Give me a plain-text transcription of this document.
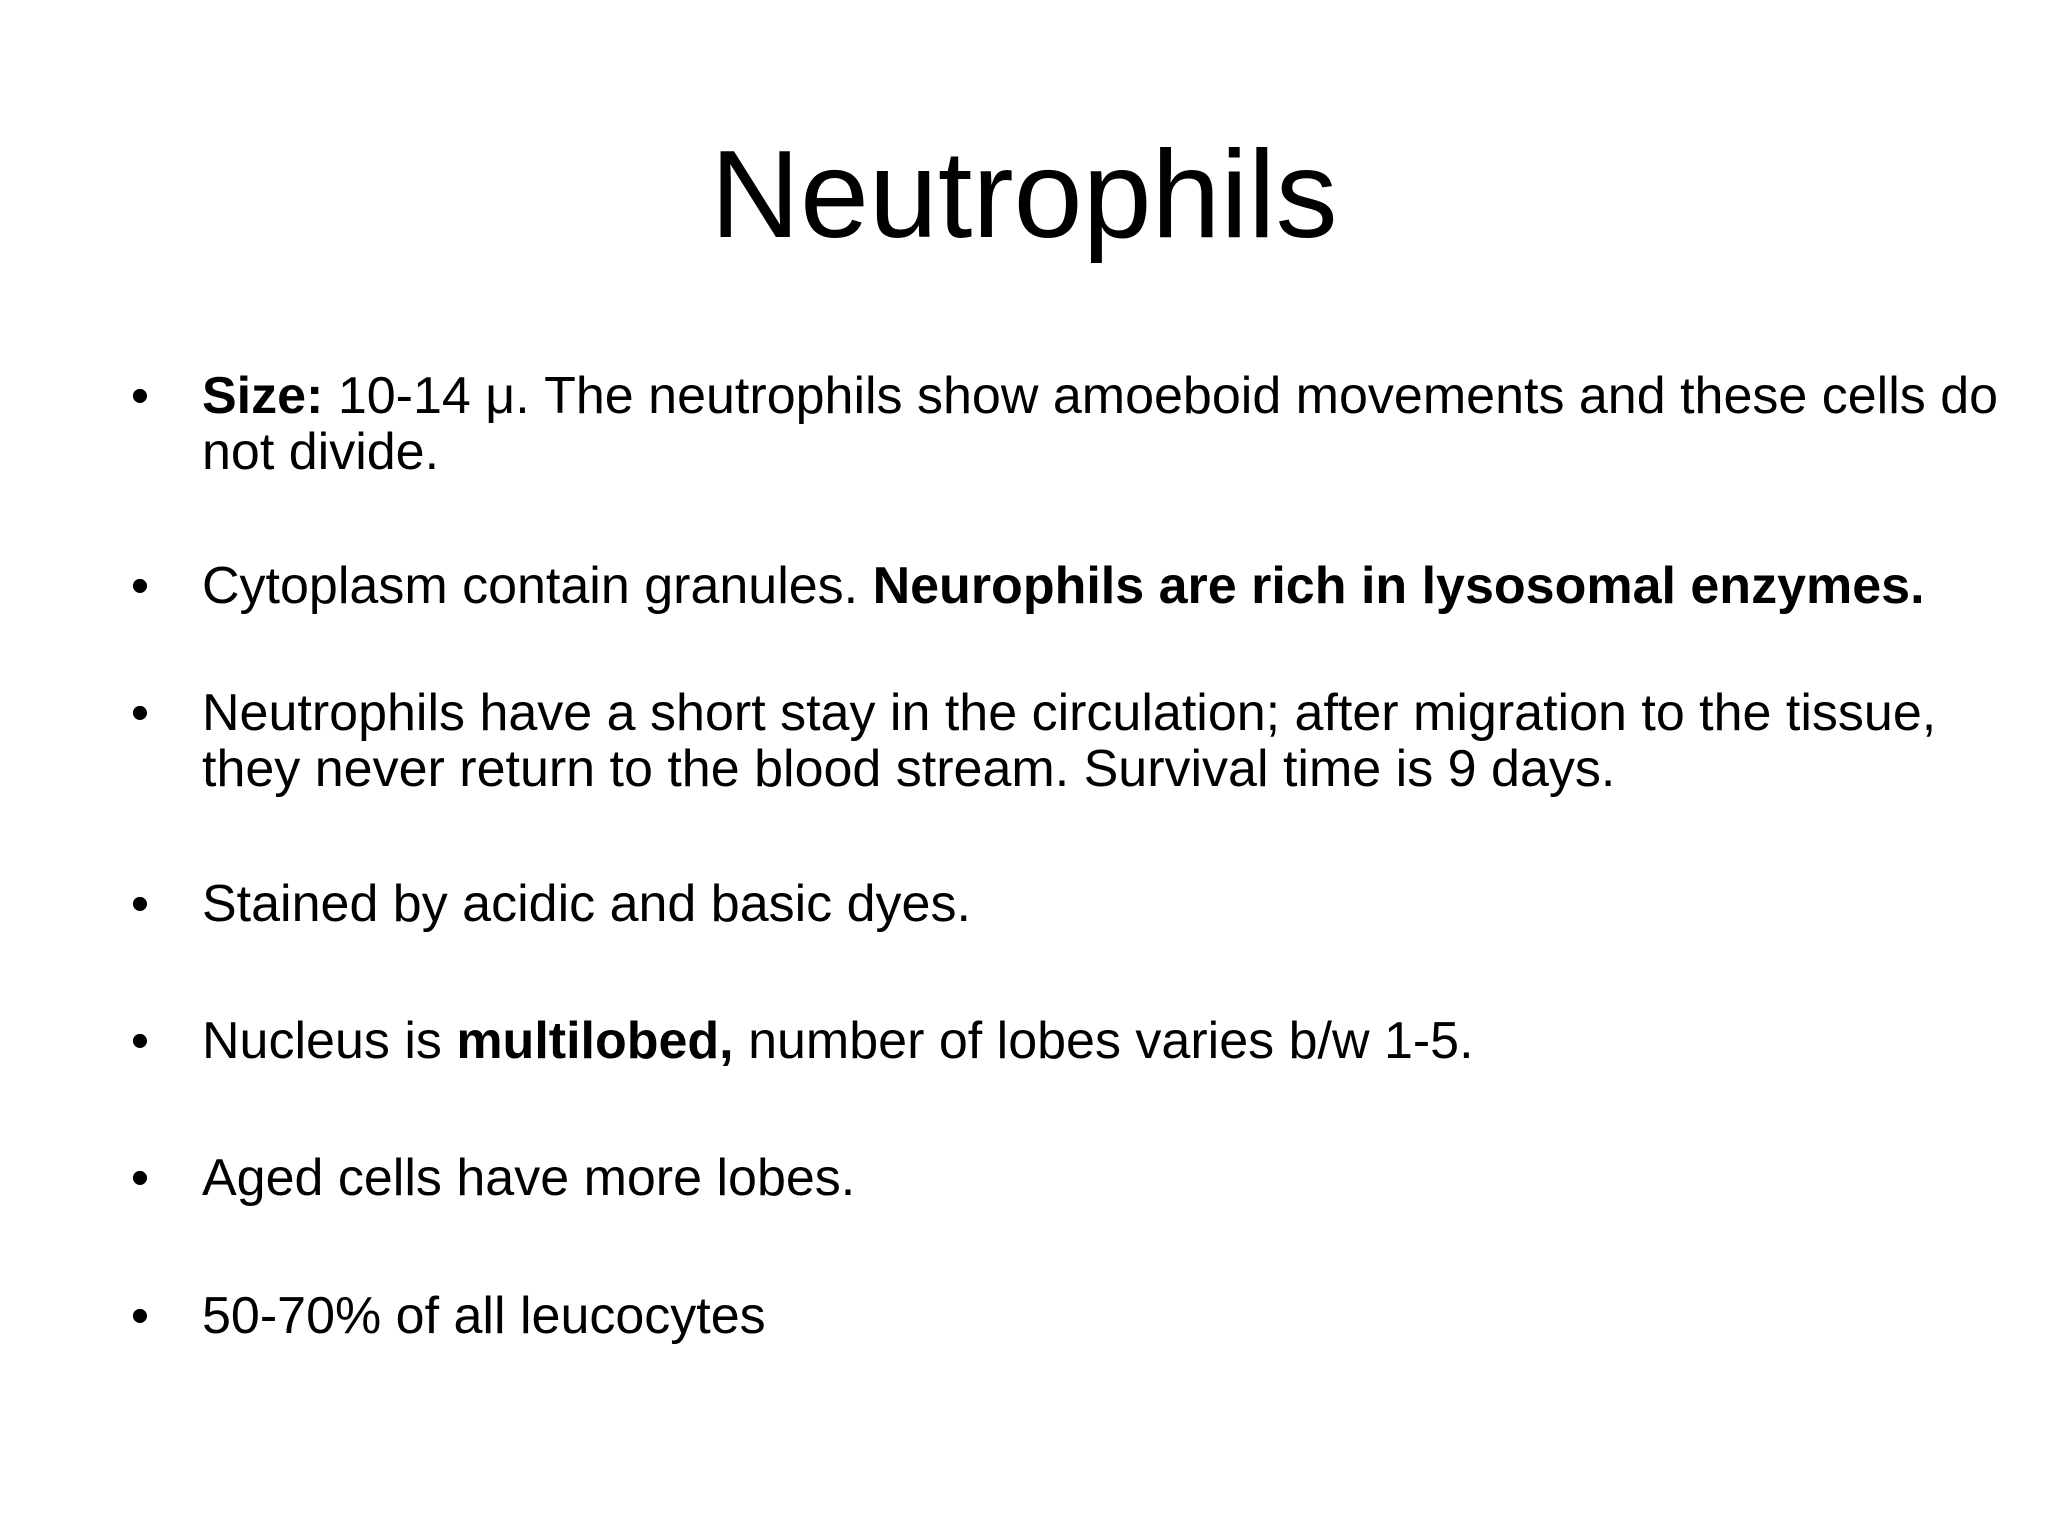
Neutrophils
• Size: 10-14 μ. The neutrophils show amoeboid movements and these cells do not divide.
• Cytoplasm contain granules. Neurophils are rich in lysosomal enzymes.
• Neutrophils have a short stay in the circulation; after migration to the tissue, they never return to the blood stream. Survival time is 9 days.
• Stained by acidic and basic dyes.
• Nucleus is multilobed, number of lobes varies b/w 1-5.
• Aged cells have more lobes.
• 50-70% of all leucocytes
